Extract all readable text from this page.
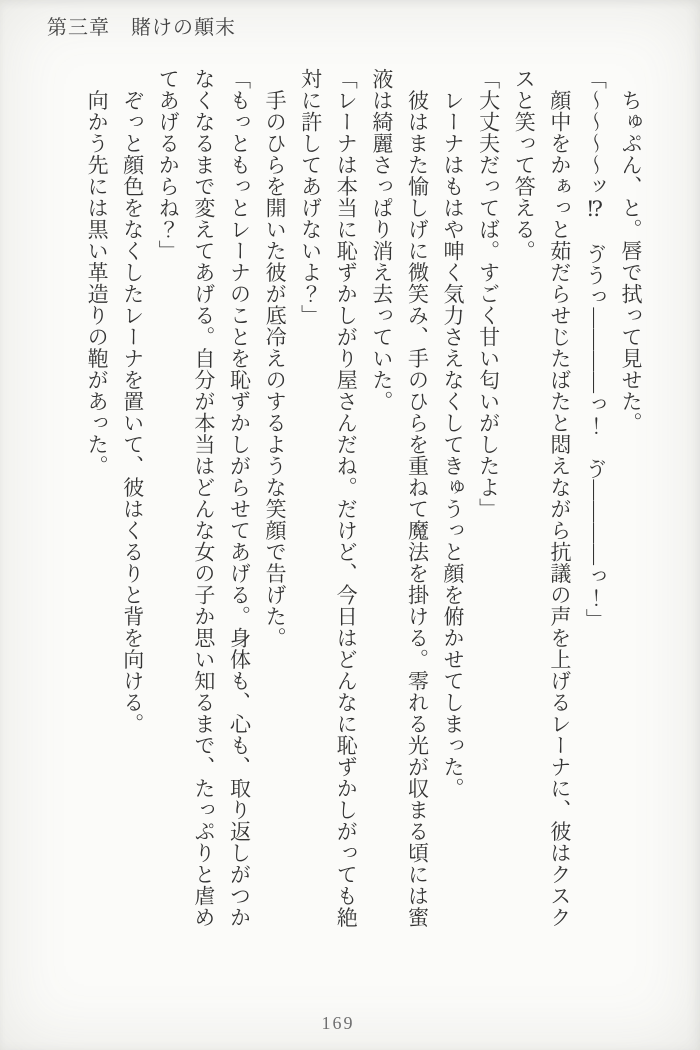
第三章　賭けの顛末
　ちゅぷん、と。唇で拭って見せた。
「～～～～ッ⁉　ゔうっ――――っ！　ゔ――――っ！」
　顔中をかぁっと茹だらせじたばたと悶えながら抗議の声を上げるレーナに、彼はクスク
スと笑って答える。
「大丈夫だってば。すごく甘い匂いがしたよ」
　レーナはもはや呻く気力さえなくしてきゅうっと顔を俯かせてしまった。
　彼はまた愉しげに微笑み、手のひらを重ねて魔法を掛ける。零れる光が収まる頃には蜜
液は綺麗さっぱり消え去っていた。
「レーナは本当に恥ずかしがり屋さんだね。だけど、今日はどんなに恥ずかしがっても絶
対に許してあげないよ？」
　手のひらを開いた彼が底冷えのするような笑顔で告げた。
「もっともっとレーナのことを恥ずかしがらせてあげる。身体も、心も、取り返しがつか
なくなるまで変えてあげる。自分が本当はどんな女の子か思い知るまで、たっぷりと虐め
てあげるからね？」
　ぞっと顔色をなくしたレーナを置いて、彼はくるりと背を向ける。
　向かう先には黒い革造りの鞄があった。
169
